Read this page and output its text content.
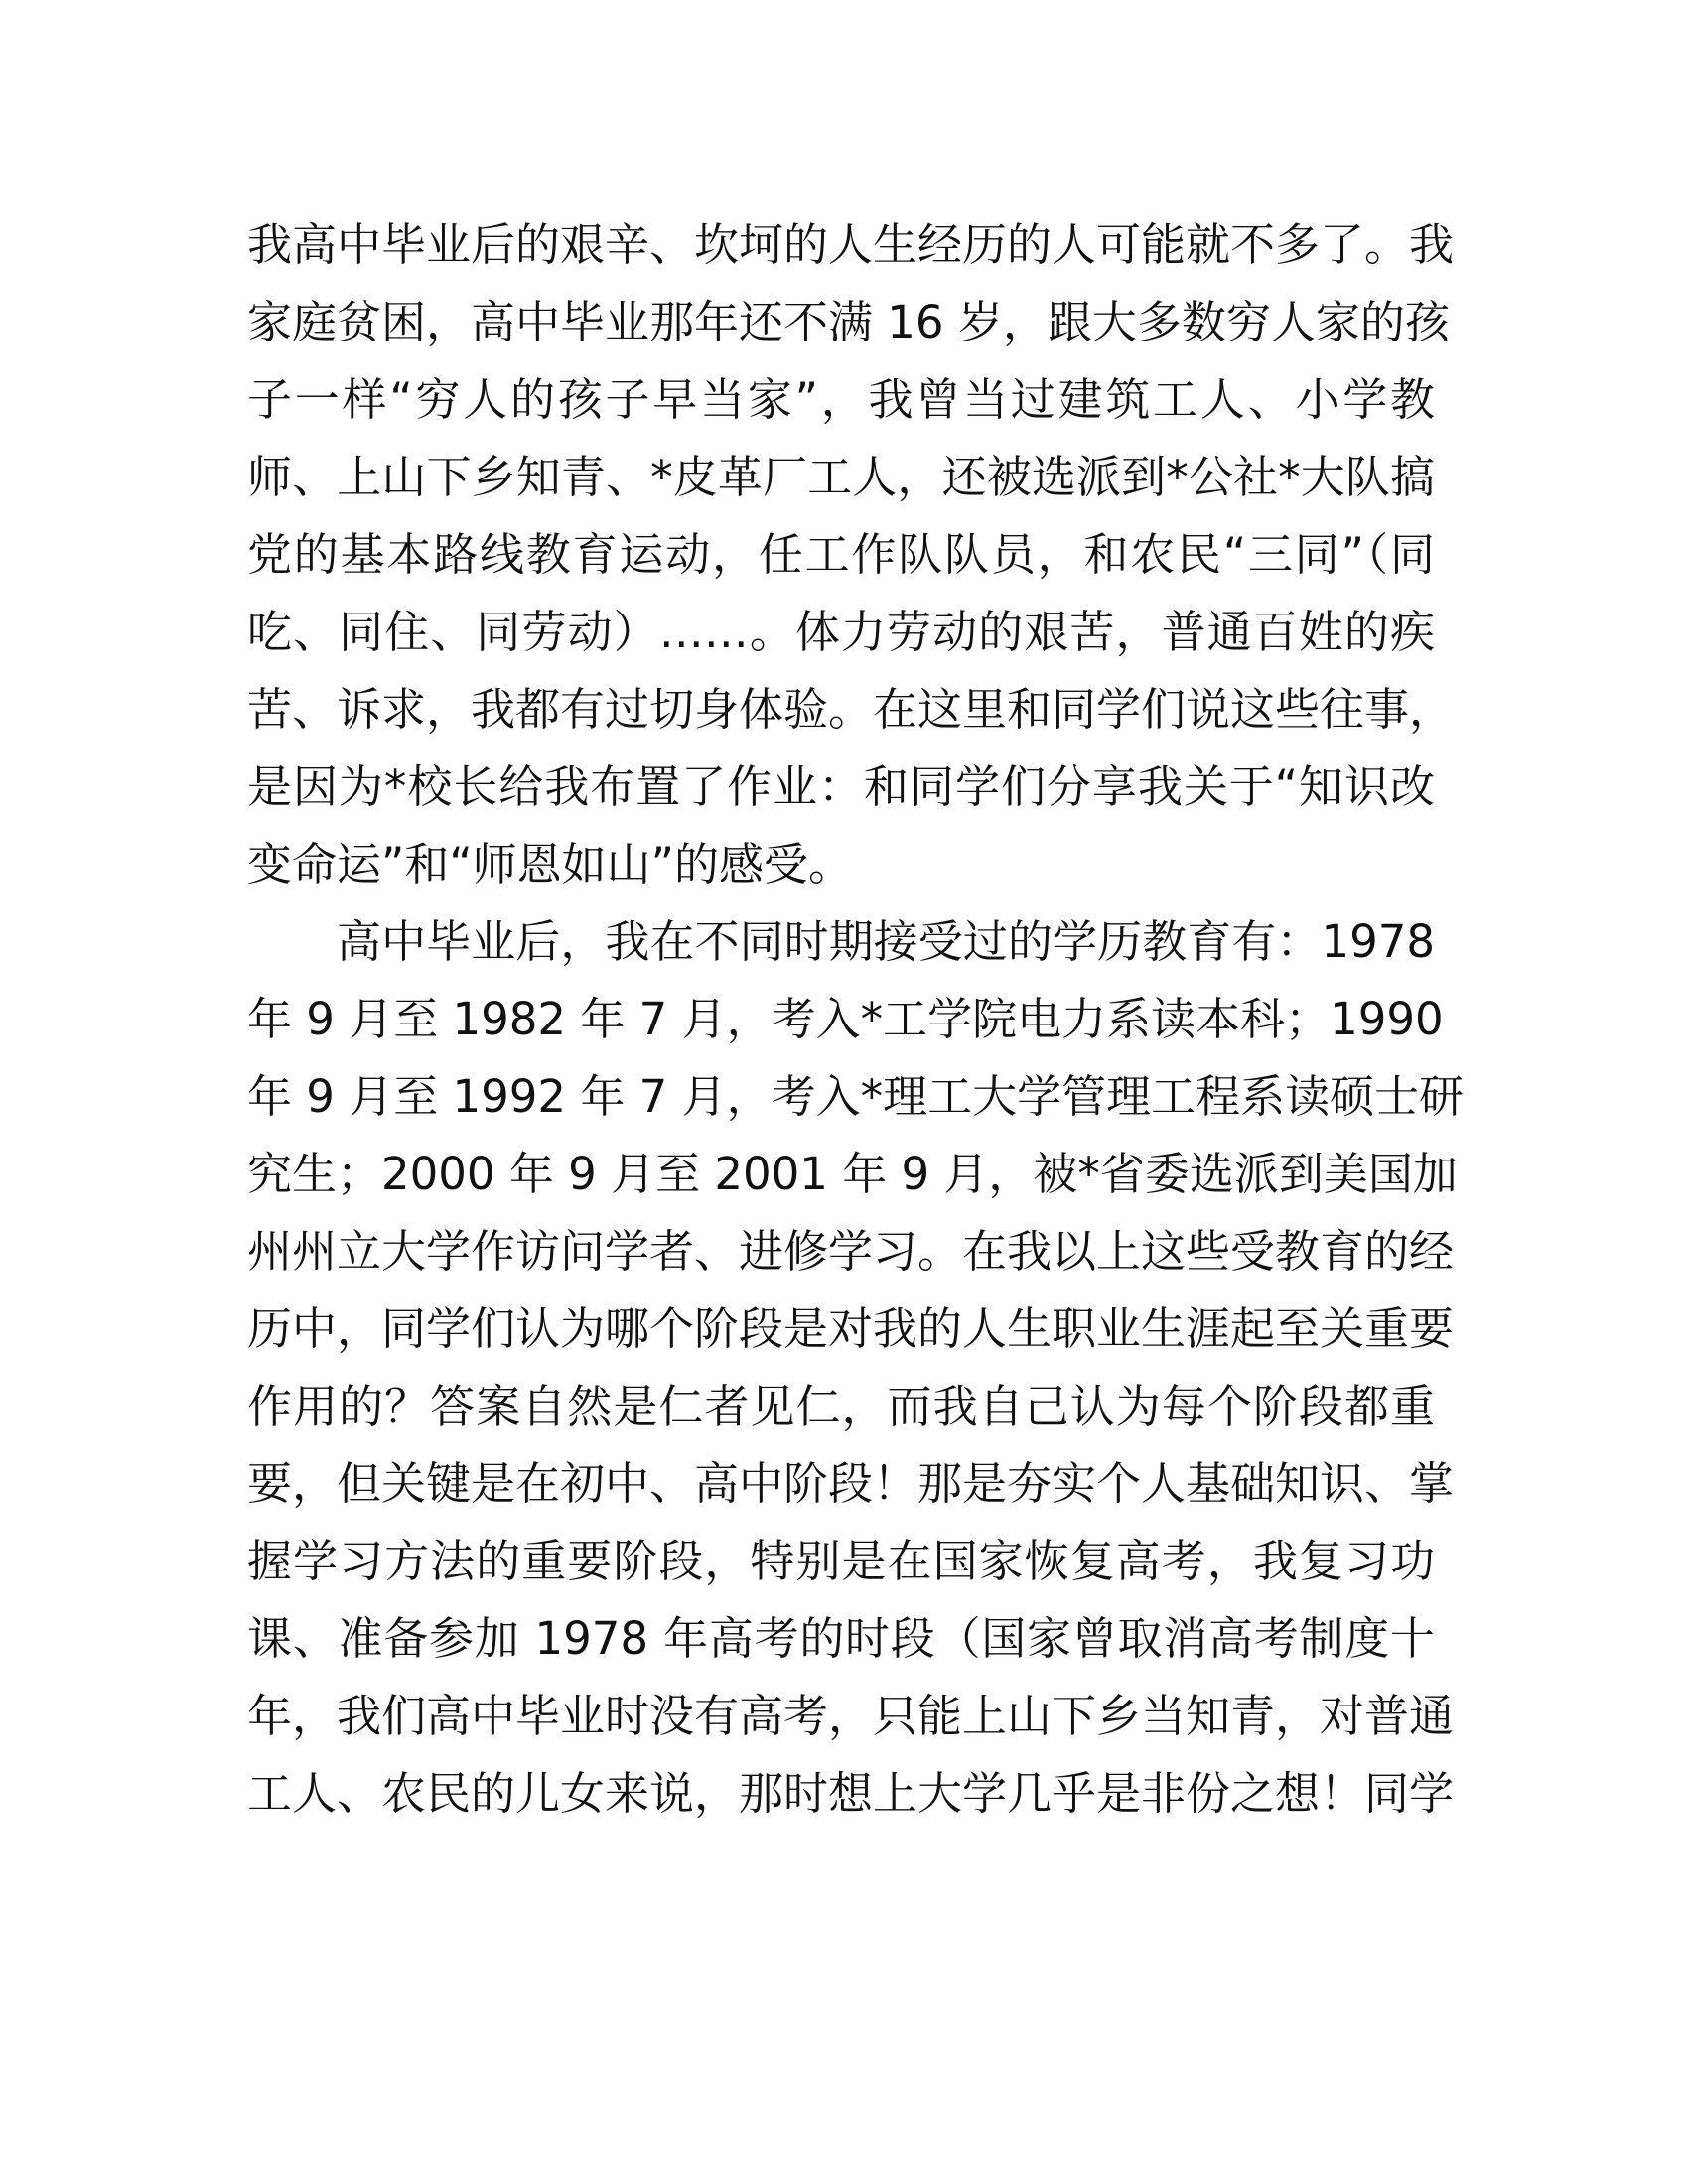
我高中毕业后的艰辛、坎坷的人生经历的人可能就不多了。我
家庭贫困，高中毕业那年还不满 16 岁，跟大多数穷人家的孩
子一样“穷人的孩子早当家”，我曾当过建筑工人、小学教
师、上山下乡知青、*皮革厂工人，还被选派到*公社*大队搞
党的基本路线教育运动，任工作队队员，和农民“三同”（同
吃、同住、同劳动）……。体力劳动的艰苦，普通百姓的疾
苦、诉求，我都有过切身体验。在这里和同学们说这些往事，
是因为*校长给我布置了作业：和同学们分享我关于“知识改
变命运”和“师恩如山”的感受。
高中毕业后，我在不同时期接受过的学历教育有：1978
年 9 月至 1982 年 7 月，考入*工学院电力系读本科；1990
年 9 月至 1992 年 7 月，考入*理工大学管理工程系读硕士研
究生；2000 年 9 月至 2001 年 9 月，被*省委选派到美国加
州州立大学作访问学者、进修学习。在我以上这些受教育的经
历中，同学们认为哪个阶段是对我的人生职业生涯起至关重要
作用的？答案自然是仁者见仁，而我自己认为每个阶段都重
要，但关键是在初中、高中阶段！那是夯实个人基础知识、掌
握学习方法的重要阶段，特别是在国家恢复高考，我复习功
课、准备参加 1978 年高考的时段（国家曾取消高考制度十
年，我们高中毕业时没有高考，只能上山下乡当知青，对普通
工人、农民的儿女来说，那时想上大学几乎是非份之想！同学
